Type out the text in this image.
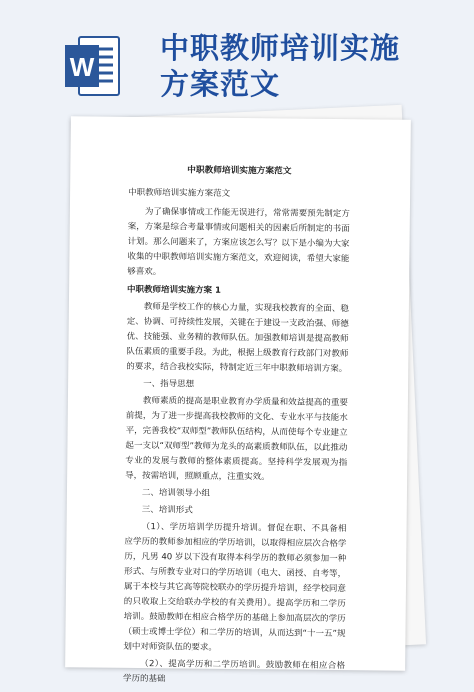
W
中职教师培训实施
方案范文
中职教师培训实施方案范文
中职教师培训实施方案范文
为了确保事情或工作能无误进行，常常需要预先制定方案，方案是综合考量事情或问题相关的因素后所制定的书面计划。那么问题来了，方案应该怎么写？以下是小编为大家收集的中职教师培训实施方案范文，欢迎阅读，希望大家能够喜欢。
中职教师培训实施方案 1
教师是学校工作的核心力量，实现我校教育的全面、稳定、协调、可持续性发展，关键在于建设一支政治强、师德优、技能强、业务精的教师队伍。加强教师培训是提高教师队伍素质的重要手段。为此，根据上级教育行政部门对教师的要求，结合我校实际，特制定近三年中职教师培训方案。
一、指导思想
教师素质的提高是职业教育办学质量和效益提高的重要前提，为了进一步提高我校教师的文化、专业水平与技能水平，完善我校“双师型”教师队伍结构，从而使每个专业建立起一支以“双师型”教师为龙头的高素质教师队伍，以此推动专业的发展与教师的整体素质提高。坚持科学发展观为指导，按需培训，照顾重点，注重实效。
二、培训领导小组
三、培训形式
（1）、学历培训学历提升培训。督促在职、不具备相应学历的教师参加相应的学历培训，以取得相应层次合格学历，凡男 40 岁以下没有取得本科学历的教师必须参加一种形式、与所教专业对口的学历培训（电大、函授、自考等，属于本校与其它高等院校联办的学历提升培训，经学校同意的只收取上交给联办学校的有关费用）。提高学历和二学历培训。鼓励教师在相应合格学历的基础上参加高层次的学历（硕士或博士学位）和二学历的培训，从而达到“十一五”规划中对师资队伍的要求。
（2）、提高学历和二学历培训。鼓励教师在相应合格学历的基础
